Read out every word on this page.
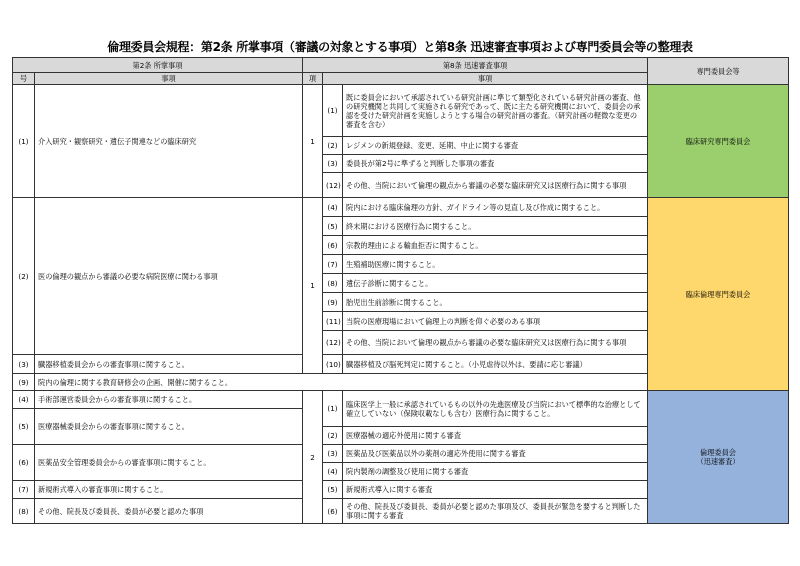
倫理委員会規程：第2条 所掌事項（審議の対象とする事項）と第8条 迅速審査事項および専門委員会等の整理表
第2条 所掌事項		第8条 迅速審査事項			専門委員会等
号	事項	項	事項		
(1)	介入研究・観察研究・遺伝子関連などの臨床研究	1	(1)	既に委員会において承認されている研究計画に準じて類型化されている研究計画の審査、他の研究機関と共同して実施される研究であって、既に主たる研究機関において、委員会の承認を受けた研究計画を実施しようとする場合の研究計画の審査。（研究計画の軽微な変更の審査を含む）	臨床研究専門委員会
			(2)	レジメンの新規登録、変更、延期、中止に関する審査	
			(3)	委員長が第2号に準ずると判断した事項の審査	
			(12)	その他、当院において倫理の観点から審議の必要な臨床研究又は医療行為に関する事項	
(2)	医の倫理の観点から審議の必要な病院医療に関わる事項	1	(4)	院内における臨床倫理の方針、ガイドライン等の見直し及び作成に関すること。	臨床倫理専門委員会
			(5)	終末期における医療行為に関すること。	
			(6)	宗教的理由による輸血拒否に関すること。	
			(7)	生殖補助医療に関すること。	
			(8)	遺伝子診断に関すること。	
			(9)	胎児出生前診断に関すること。	
			(11)	当院の医療現場において倫理上の判断を仰ぐ必要のある事項	
			(12)	その他、当院において倫理の観点から審議の必要な臨床研究又は医療行為に関する事項	
(3)	臓器移植委員会からの審査事項に関すること。		(10)	臓器移植及び脳死判定に関すること。（小児虐待以外は、要請に応じ審議）	
(9)	院内の倫理に関する教育研修会の企画、開催に関すること。				
(4)	手術部運営委員会からの審査事項に関すること。	2	(1)	臨床医学上一般に承認されているもの以外の先進医療及び当院において標準的な治療として確立していない（保険収載なしも含む）医療行為に関すること。	倫理委員会
（迅速審査）

(5)	医療器械委員会からの審査事項に関すること。				
			(2)	医療器械の適応外使用に関する審査	
(6)	医薬品安全管理委員会からの審査事項に関すること。		(3)	医薬品及び医薬品以外の薬剤の適応外使用に関する審査	
			(4)	院内製剤の調整及び使用に関する審査	
(7)	新規術式導入の審査事項に関すること。		(5)	新規術式導入に関する審査	
(8)	その他、院長及び委員長、委員が必要と認めた事項		(6)	その他、院長及び委員長、委員が必要と認めた事項及び、委員長が緊急を要すると判断した事項に関する審査	
